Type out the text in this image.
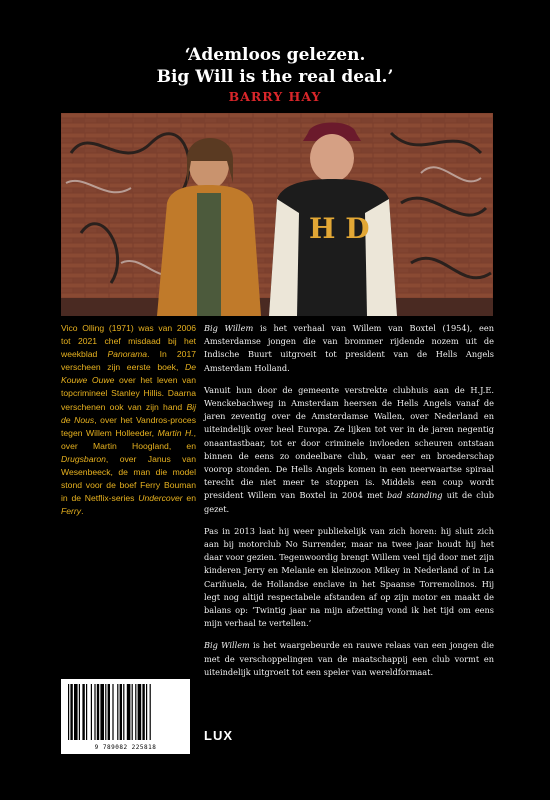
‘Ademloos gelezen.
Big Will is the real deal.’
BARRY HAY
H D
Vico Olling (1971) was van 2006 tot 2021 chef misdaad bij het weekblad Panorama. In 2017 verscheen zijn eerste boek, De Kouwe Ouwe over het leven van topcrimineel Stanley Hillis. Daarna verschenen ook van zijn hand Bij de Nous, over het Vandros-proces tegen Willem Holleeder, Martin H., over Martin Hoogland, en Drugsbaron, over Janus van Wesenbeeck, de man die model stond voor de boef Ferry Bouman in de Netflix-series Undercover en Ferry.

Big Willem is het verhaal van Willem van Boxtel (1954), een Amsterdamse jongen die van brommer rijdende nozem uit de Indische Buurt uitgroeit tot president van de Hells Angels Amsterdam Holland.

Vanuit hun door de gemeente verstrekte clubhuis aan de H.J.E. Wenckebachweg in Amsterdam heersen de Hells Angels vanaf de jaren zeventig over de Amsterdamse Wallen, over Nederland en uiteindelijk over heel Europa. Ze lijken tot ver in de jaren negentig onaantastbaar, tot er door criminele invloeden scheuren ontstaan binnen de eens zo ondeelbare club, waar eer en broederschap voorop stonden. De Hells Angels komen in een neerwaartse spiraal terecht die niet meer te stoppen is. Middels een coup wordt president Willem van Boxtel in 2004 met bad standing uit de club gezet.

Pas in 2013 laat hij weer publiekelijk van zich horen: hij sluit zich aan bij motorclub No Surrender, maar na twee jaar houdt hij het daar voor gezien. Tegenwoordig brengt Willem veel tijd door met zijn kinderen Jerry en Melanie en kleinzoon Mikey in Nederland of in La Cariñuela, de Hollandse enclave in het Spaanse Torremolinos. Hij legt nog altijd respectabele afstanden af op zijn motor en maakt de balans op: ‘Twintig jaar na mijn afzetting vond ik het tijd om eens mijn verhaal te vertellen.’

Big Willem is het waargebeurde en rauwe relaas van een jongen die met de verschoppelingen van de maatschappij een club vormt en uiteindelijk uitgroeit tot een speler van wereldformaat.

9 789082 225818
LUX
